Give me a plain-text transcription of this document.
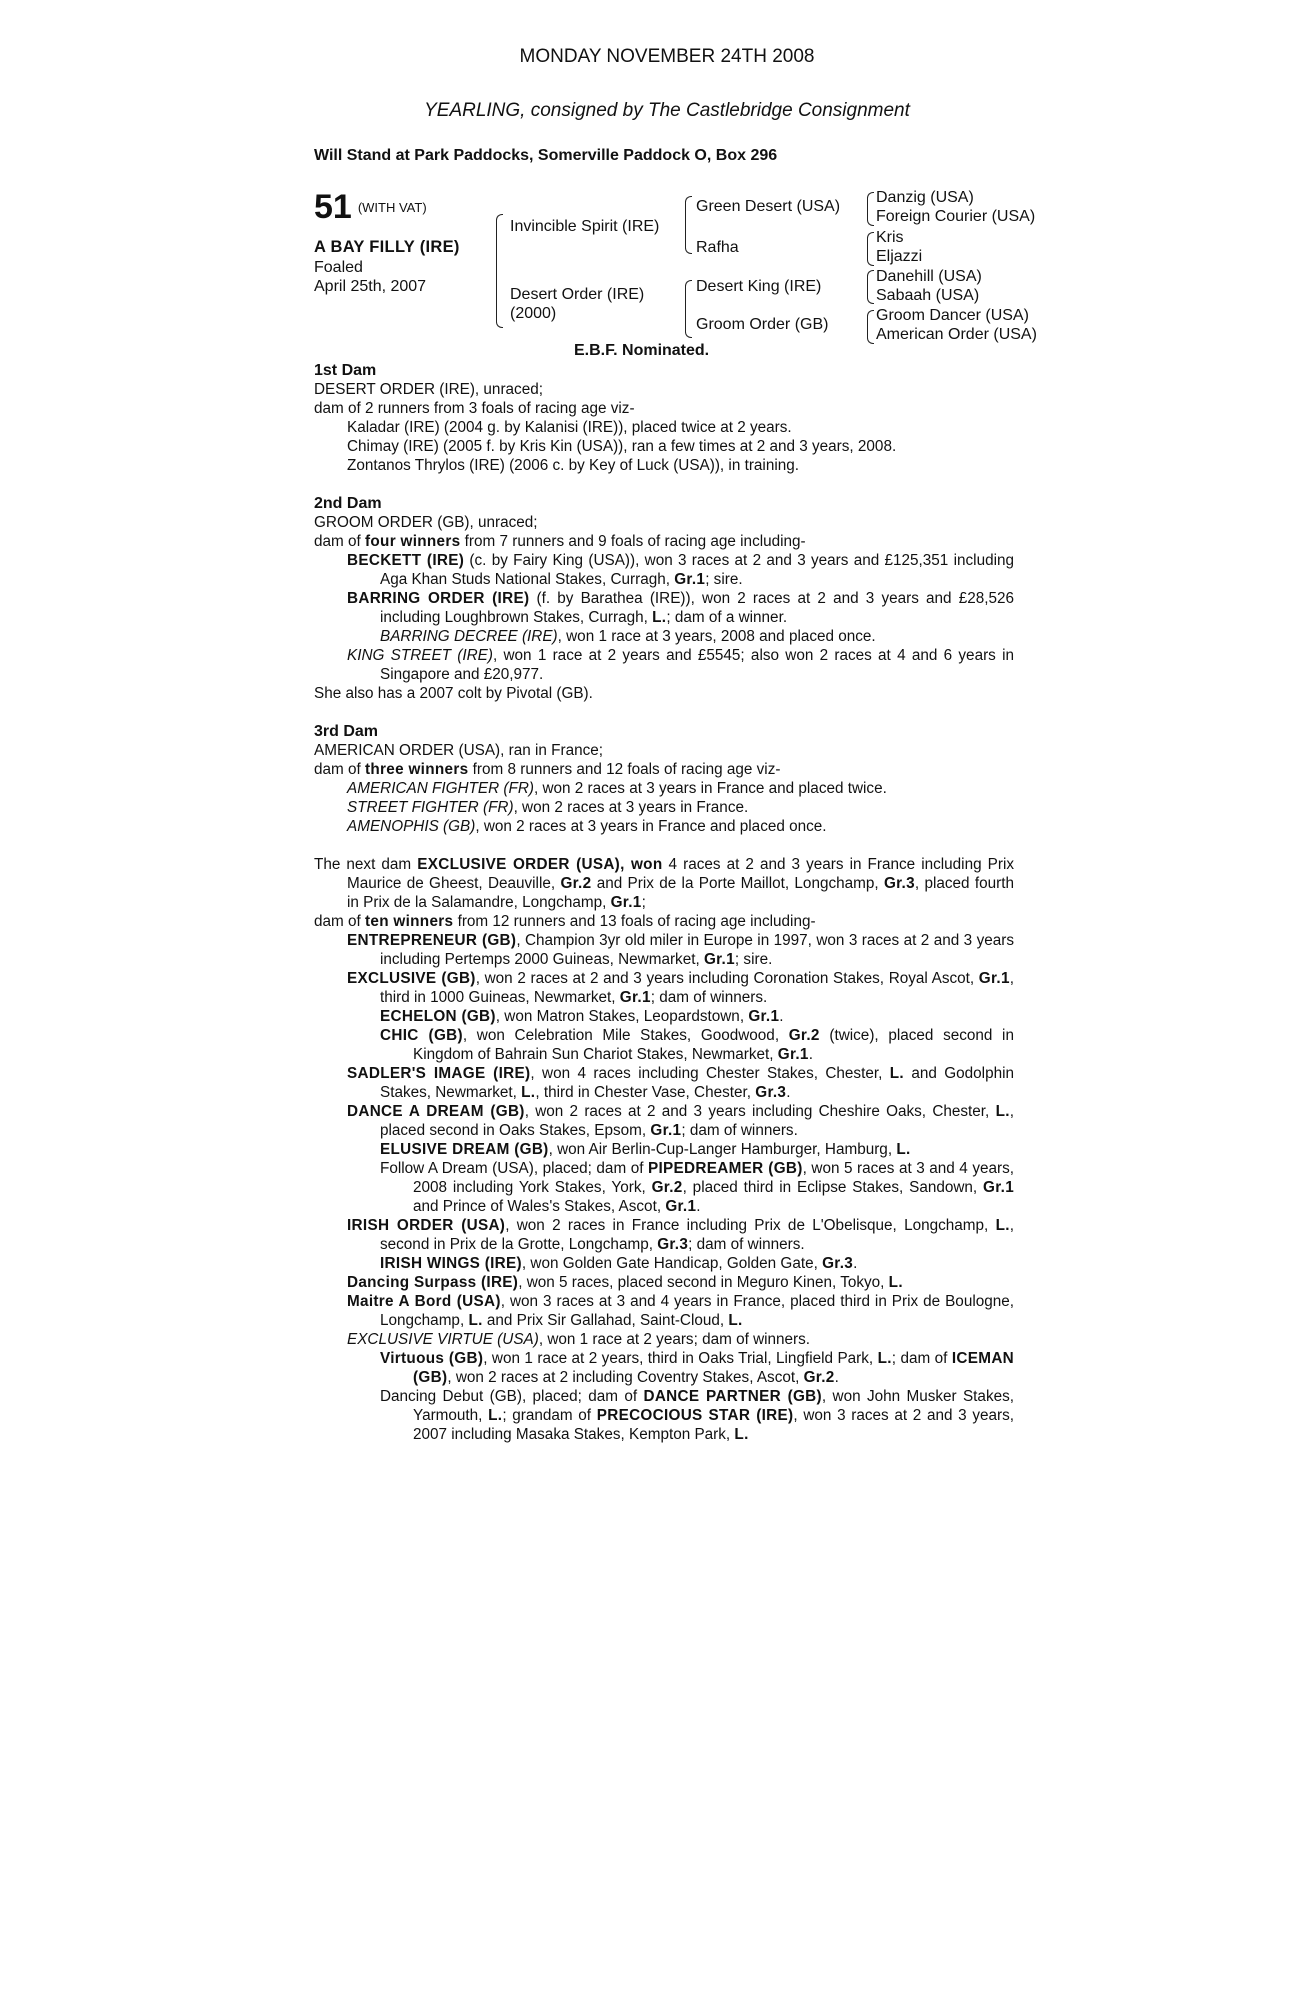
MONDAY NOVEMBER 24TH 2008
YEARLING, consigned by The Castlebridge Consignment
Will Stand at Park Paddocks, Somerville Paddock O, Box 296
51 $^{(WITH VAT)}$
A BAY FILLY (IRE)
Foaled
April 25th, 2007
Invincible Spirit (IRE)
Desert Order (IRE)
(2000)
Green Desert (USA)
Rafha
Desert King (IRE)
Groom Order (GB)
Danzig (USA)
Foreign Courier (USA)
Kris
Eljazzi
Danehill (USA)
Sabaah (USA)
Groom Dancer (USA)
American Order (USA)
E.B.F. Nominated.
1st Dam

DESERT ORDER (IRE), unraced;

dam of 2 runners from 3 foals of racing age viz-

Kaladar (IRE) (2004 g. by Kalanisi (IRE)), placed twice at 2 years.

Chimay (IRE) (2005 f. by Kris Kin (USA)), ran a few times at 2 and 3 years, 2008.

Zontanos Thrylos (IRE) (2006 c. by Key of Luck (USA)), in training.

2nd Dam

GROOM ORDER (GB), unraced;

dam of four winners from 7 runners and 9 foals of racing age including-

BECKETT (IRE) (c. by Fairy King (USA)), won 3 races at 2 and 3 years and £125,351 including Aga Khan Studs National Stakes, Curragh, Gr.1; sire.

BARRING ORDER (IRE) (f. by Barathea (IRE)), won 2 races at 2 and 3 years and £28,526 including Loughbrown Stakes, Curragh, L.; dam of a winner.

BARRING DECREE (IRE), won 1 race at 3 years, 2008 and placed once.

KING STREET (IRE), won 1 race at 2 years and £5545; also won 2 races at 4 and 6 years in Singapore and £20,977.

She also has a 2007 colt by Pivotal (GB).

3rd Dam

AMERICAN ORDER (USA), ran in France;

dam of three winners from 8 runners and 12 foals of racing age viz-

AMERICAN FIGHTER (FR), won 2 races at 3 years in France and placed twice.

STREET FIGHTER (FR), won 2 races at 3 years in France.

AMENOPHIS (GB), won 2 races at 3 years in France and placed once.

The next dam EXCLUSIVE ORDER (USA), won 4 races at 2 and 3 years in France including Prix Maurice de Gheest, Deauville, Gr.2 and Prix de la Porte Maillot, Longchamp, Gr.3, placed fourth in Prix de la Salamandre, Longchamp, Gr.1;

dam of ten winners from 12 runners and 13 foals of racing age including-

ENTREPRENEUR (GB), Champion 3yr old miler in Europe in 1997, won 3 races at 2 and 3 years including Pertemps 2000 Guineas, Newmarket, Gr.1; sire.

EXCLUSIVE (GB), won 2 races at 2 and 3 years including Coronation Stakes, Royal Ascot, Gr.1, third in 1000 Guineas, Newmarket, Gr.1; dam of winners.

ECHELON (GB), won Matron Stakes, Leopardstown, Gr.1.

CHIC (GB), won Celebration Mile Stakes, Goodwood, Gr.2 (twice), placed second in Kingdom of Bahrain Sun Chariot Stakes, Newmarket, Gr.1.

SADLER'S IMAGE (IRE), won 4 races including Chester Stakes, Chester, L. and Godolphin Stakes, Newmarket, L., third in Chester Vase, Chester, Gr.3.

DANCE A DREAM (GB), won 2 races at 2 and 3 years including Cheshire Oaks, Chester, L., placed second in Oaks Stakes, Epsom, Gr.1; dam of winners.

ELUSIVE DREAM (GB), won Air Berlin-Cup-Langer Hamburger, Hamburg, L.

Follow A Dream (USA), placed; dam of PIPEDREAMER (GB), won 5 races at 3 and 4 years, 2008 including York Stakes, York, Gr.2, placed third in Eclipse Stakes, Sandown, Gr.1 and Prince of Wales's Stakes, Ascot, Gr.1.

IRISH ORDER (USA), won 2 races in France including Prix de L'Obelisque, Longchamp, L., second in Prix de la Grotte, Longchamp, Gr.3; dam of winners.

IRISH WINGS (IRE), won Golden Gate Handicap, Golden Gate, Gr.3.

Dancing Surpass (IRE), won 5 races, placed second in Meguro Kinen, Tokyo, L.

Maitre A Bord (USA), won 3 races at 3 and 4 years in France, placed third in Prix de Boulogne, Longchamp, L. and Prix Sir Gallahad, Saint-Cloud, L.

EXCLUSIVE VIRTUE (USA), won 1 race at 2 years; dam of winners.

Virtuous (GB), won 1 race at 2 years, third in Oaks Trial, Lingfield Park, L.; dam of ICEMAN (GB), won 2 races at 2 including Coventry Stakes, Ascot, Gr.2.

Dancing Debut (GB), placed; dam of DANCE PARTNER (GB), won John Musker Stakes, Yarmouth, L.; grandam of PRECOCIOUS STAR (IRE), won 3 races at 2 and 3 years, 2007 including Masaka Stakes, Kempton Park, L.
